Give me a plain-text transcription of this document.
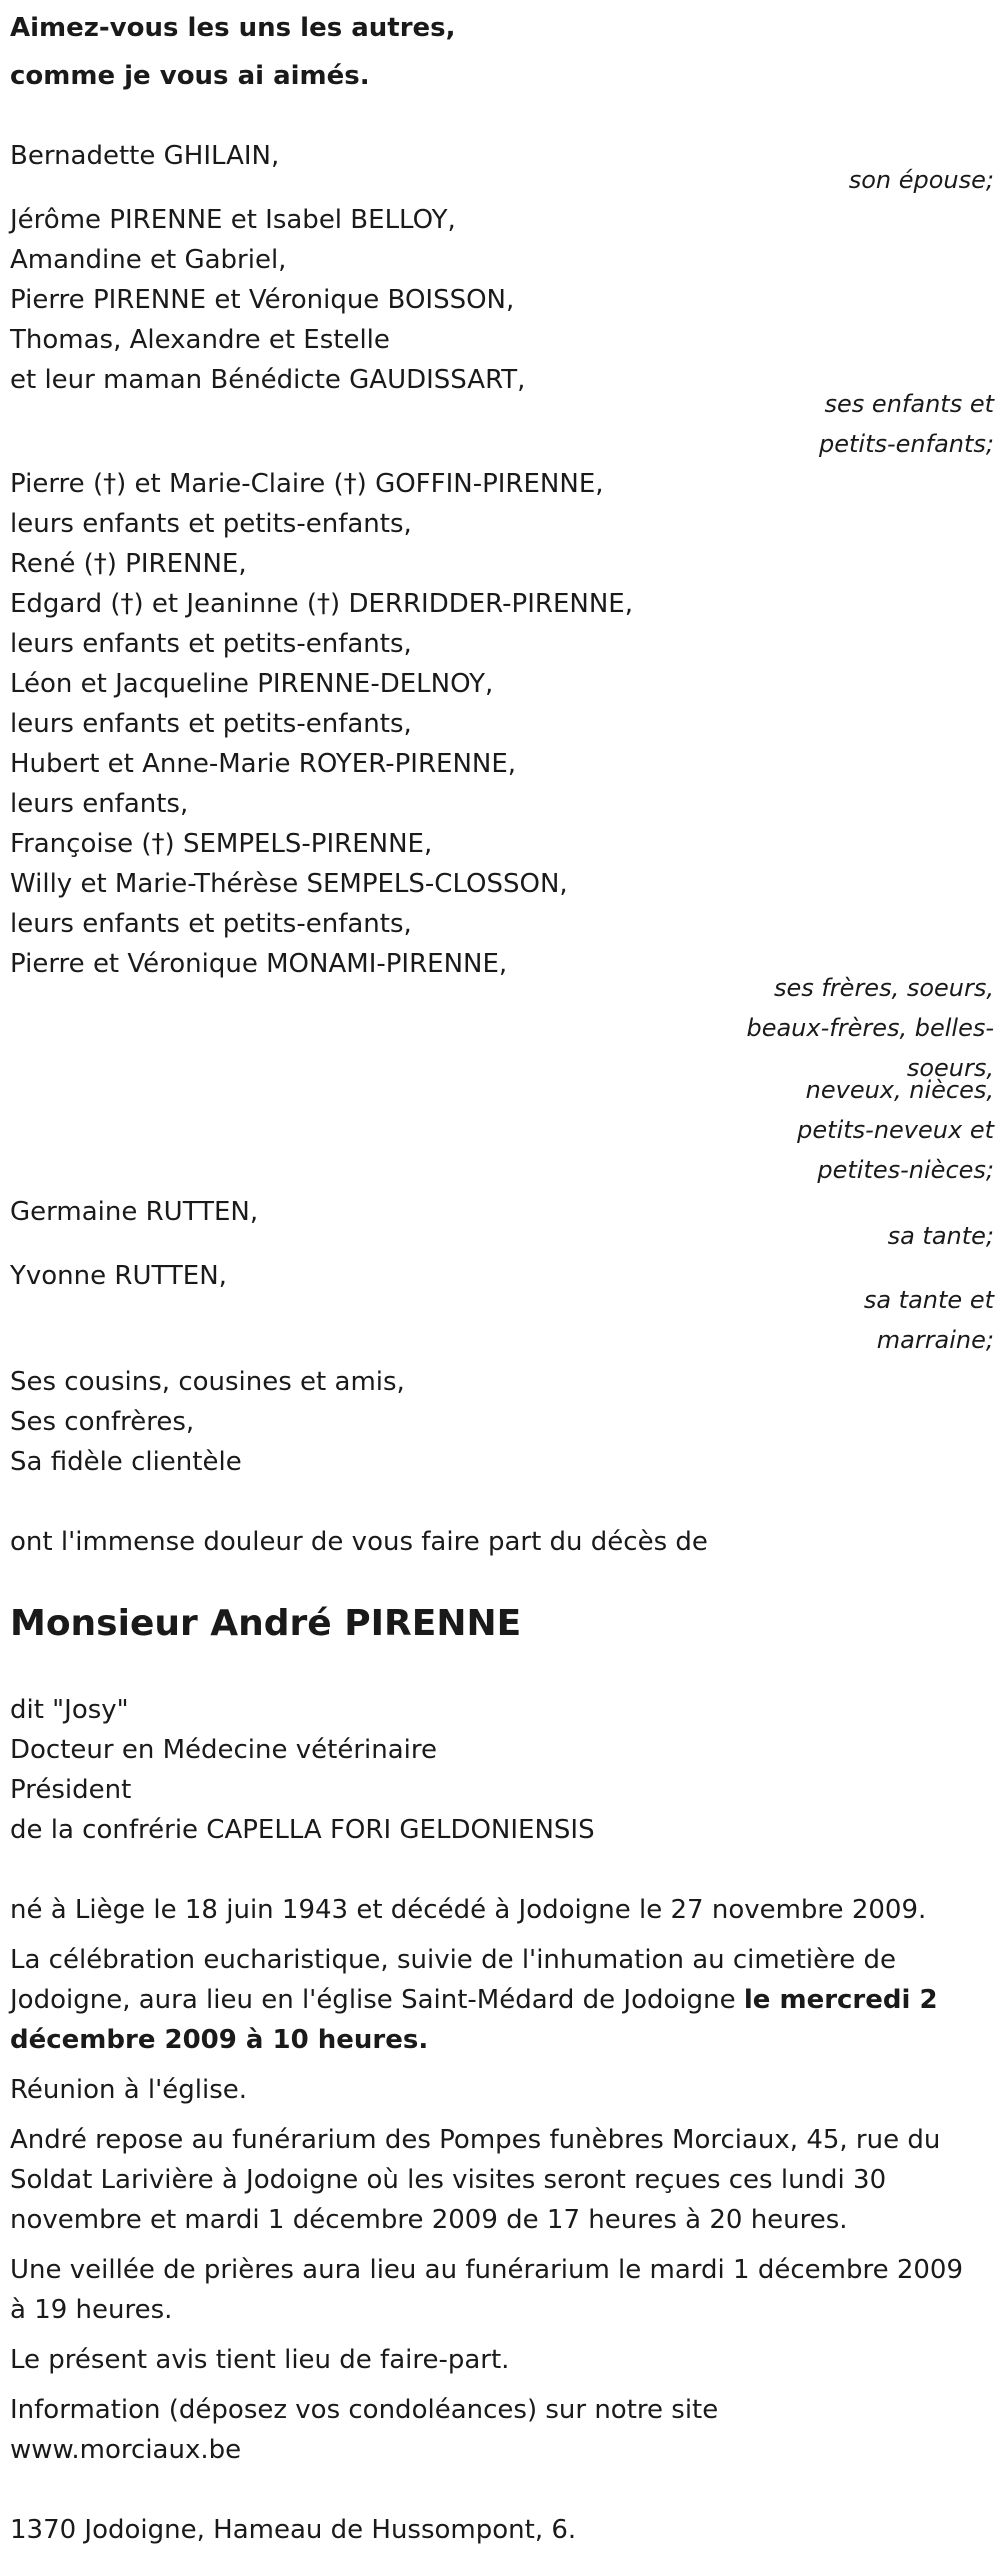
Aimez-vous les uns les autres,
comme je vous ai aimés.
Bernadette GHILAIN,
son épouse;
Jérôme PIRENNE et Isabel BELLOY,
Amandine et Gabriel,
Pierre PIRENNE et Véronique BOISSON,
Thomas, Alexandre et Estelle
et leur maman Bénédicte GAUDISSART,
ses enfants et
petits-enfants;
Pierre (†) et Marie-Claire (†) GOFFIN-PIRENNE,
leurs enfants et petits-enfants,
René (†) PIRENNE,
Edgard (†) et Jeaninne (†) DERRIDDER-PIRENNE,
leurs enfants et petits-enfants,
Léon et Jacqueline PIRENNE-DELNOY,
leurs enfants et petits-enfants,
Hubert et Anne-Marie ROYER-PIRENNE,
leurs enfants,
Françoise (†) SEMPELS-PIRENNE,
Willy et Marie-Thérèse SEMPELS-CLOSSON,
leurs enfants et petits-enfants,
Pierre et Véronique MONAMI-PIRENNE,
ses frères, soeurs,
beaux-frères, belles-
soeurs,
neveux, nièces,
petits-neveux et
petites-nièces;
Germaine RUTTEN,
sa tante;
Yvonne RUTTEN,
sa tante et
marraine;
Ses cousins, cousines et amis,
Ses confrères,
Sa fidèle clientèle
ont l'immense douleur de vous faire part du décès de
Monsieur André PIRENNE
dit "Josy"
Docteur en Médecine vétérinaire
Président
de la confrérie CAPELLA FORI GELDONIENSIS
né à Liège le 18 juin 1943 et décédé à Jodoigne le 27 novembre 2009.
La célébration eucharistique, suivie de l'inhumation au cimetière de Jodoigne, aura lieu en l'église Saint-Médard de Jodoigne le mercredi 2 décembre 2009 à 10 heures.
Réunion à l'église.
André repose au funérarium des Pompes funèbres Morciaux, 45, rue du Soldat Larivière à Jodoigne où les visites seront reçues ces lundi 30 novembre et mardi 1 décembre 2009 de 17 heures à 20 heures.
Une veillée de prières aura lieu au funérarium le mardi 1 décembre 2009 à 19 heures.
Le présent avis tient lieu de faire-part.
Information (déposez vos condoléances) sur notre site
www.morciaux.be
1370 Jodoigne, Hameau de Hussompont, 6.
